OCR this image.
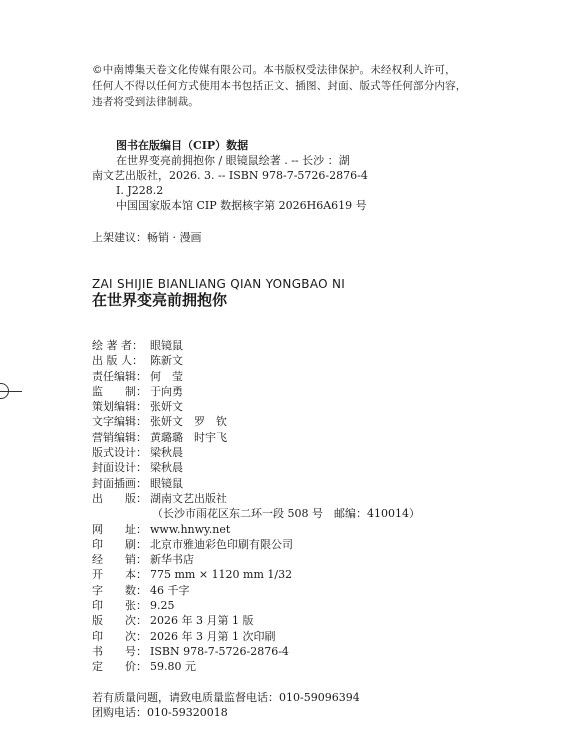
©中南博集天卷文化传媒有限公司。本书版权受法律保护。未经权利人许可，
任何人不得以任何方式使用本书包括正文、插图、封面、版式等任何部分内容，
违者将受到法律制裁。
图书在版编目（CIP）数据
在世界变亮前拥抱你 / 眼镜鼠绘著 . -- 长沙 ：湖
南文艺出版社，2026. 3. -- ISBN 978-7-5726-2876-4
Ⅰ. J228.2
中国国家版本馆 CIP 数据核字第 2026H6A619 号
上架建议：畅销 · 漫画
ZAI SHIJIE BIANLIANG QIAN YONGBAO NI
在世界变亮前拥抱你
绘 著 者： 眼镜鼠
出 版 人： 陈新文
责任编辑： 何　莹
监　　制： 于向勇
策划编辑： 张妍文
文字编辑： 张妍文　罗　钦
营销编辑： 黄璐璐　时宇飞
版式设计： 梁秋晨
封面设计： 梁秋晨
封面插画： 眼镜鼠
出　　版： 湖南文艺出版社
（长沙市雨花区东二环一段 508 号　邮编：410014）
网　　址： www.hnwy.net
印　　刷： 北京市雅迪彩色印刷有限公司
经　　销： 新华书店
开　　本： 775 mm × 1120 mm 1/32
字　　数： 46 千字
印　　张： 9.25
版　　次： 2026 年 3 月第 1 版
印　　次： 2026 年 3 月第 1 次印刷
书　　号： ISBN 978-7-5726-2876-4
定　　价： 59.80 元
若有质量问题，请致电质量监督电话：010-59096394
团购电话：010-59320018
